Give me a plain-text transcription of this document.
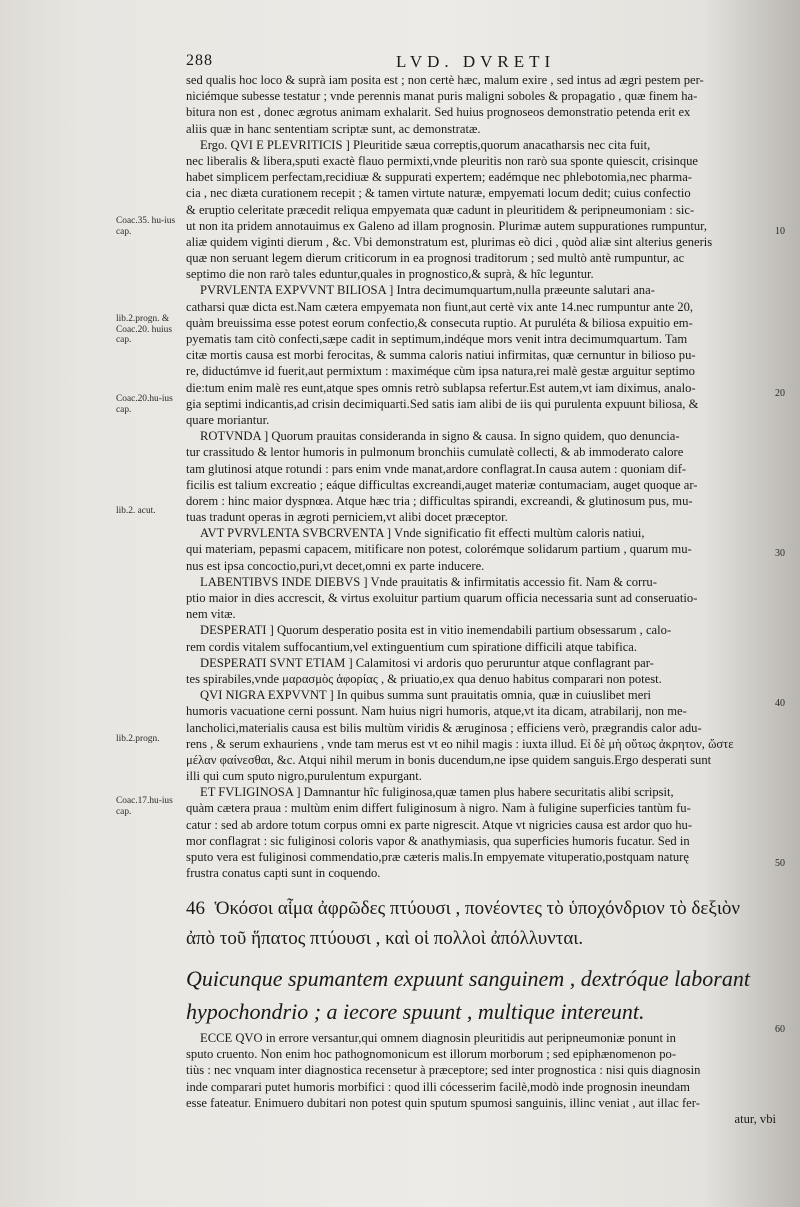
288	LVD. DVRETI

sed qualis hoc loco & suprà iam posita est ; non certè hæc, malum exire , sed intus ad ægri pestem per-

niciémque subesse testatur ; vnde perennis manat puris maligni soboles & propagatio , quæ finem ha-

bitura non est , donec ægrotus animam exhalarit. Sed huius prognoseos demonstratio petenda erit ex

aliis quæ in hanc sententiam scriptæ sunt, ac demonstratæ.

Ergo. QVI E PLEVRITICIS ] Pleuritide sæua correptis,quorum anacatharsis nec cita fuit,

nec liberalis & libera,sputi exactè flauo permixti,vnde pleuritis non rarò sua sponte quiescit, crisinque

habet simplicem perfectam,recidiuæ & suppurati expertem; eadémque nec phlebotomia,nec pharma-

cia , nec diæta curationem recepit ; & tamen virtute naturæ, empyemati locum dedit; cuius confectio

& eruptio celeritate præcedit reliqua empyemata quæ cadunt in pleuritidem & peripneumoniam : sic-

ut non ita pridem annotauimus ex Galeno ad illam prognosin. Plurimæ autem suppurationes rumpuntur,

aliæ quidem viginti dierum , &c. Vbi demonstratum est, plurimas eò dici , quòd aliæ sint alterius generis

quæ non seruant legem dierum criticorum in ea prognosi traditorum ; sed multò antè rumpuntur, ac

septimo die non rarò tales eduntur,quales in prognostico,& suprà, & hîc leguntur.

PVRVLENTA EXPVVNT BILIOSA ] Intra decimumquartum,nulla præeunte salutari ana-

catharsi quæ dicta est.Nam cætera empyemata non fiunt,aut certè vix ante 14.nec rumpuntur ante 20,

quàm breuissima esse potest eorum confectio,& consecuta ruptio. At puruléta & biliosa expuitio em-

pyematis tam citò confecti,sæpe cadit in septimum,indéque mors venit intra decimumquartum. Tam

citæ mortis causa est morbi ferocitas, & summa caloris natiui infirmitas, quæ cernuntur in bilioso pu-

re, diductúmve id fuerit,aut permixtum : maximéque cùm ipsa natura,rei malè gestæ arguitur septimo

die:tum enim malè res eunt,atque spes omnis retrò sublapsa refertur.Est autem,vt iam diximus, analo-

gia septimi indicantis,ad crisin decimiquarti.Sed satis iam alibi de iis qui purulenta expuunt biliosa, &

quare moriantur.

ROTVNDA ] Quorum prauitas consideranda in signo & causa. In signo quidem, quo denuncia-

tur crassitudo & lentor humoris in pulmonum bronchiis cumulatè collecti, & ab immoderato calore

tam glutinosi atque rotundi : pars enim vnde manat,ardore conflagrat.In causa autem : quoniam dif-

ficilis est talium excreatio ; eáque difficultas excreandi,auget materiæ contumaciam, auget quoque ar-

dorem : hinc maior dyspnœa. Atque hæc tria ; difficultas spirandi, excreandi, & glutinosum pus, mu-

tuas tradunt operas in ægroti perniciem,vt alibi docet præceptor.

AVT PVRVLENTA SVBCRVENTA ] Vnde significatio fit effecti multùm caloris natiui,

qui materiam, pepasmi capacem, mitificare non potest, colorémque solidarum partium , quarum mu-

nus est ipsa concoctio,puri,vt decet,omni ex parte inducere.

LABENTIBVS INDE DIEBVS ] Vnde prauitatis & infirmitatis accessio fit. Nam & corru-

ptio maior in dies accrescit, & virtus exoluitur partium quarum officia necessaria sunt ad conseruatio-

nem vitæ.

DESPERATI ] Quorum desperatio posita est in vitio inemendabili partium obsessarum , calo-

rem cordis vitalem suffocantium,vel extinguentium cum spiratione difficili atque tabifica.

DESPERATI SVNT ETIAM ] Calamitosi vi ardoris quo peruruntur atque conflagrant par-

tes spirabiles,vnde μαρασμὸς ἀφορίας , & priuatio,ex qua denuo habitus comparari non potest.

QVI NIGRA EXPVVNT ] In quibus summa sunt prauitatis omnia, quæ in cuiuslibet meri

humoris vacuatione cerni possunt. Nam huius nigri humoris, atque,vt ita dicam, atrabilarij, non me-

lancholici,materialis causa est bilis multùm viridis & æruginosa ; efficiens verò, prægrandis calor adu-

rens , & serum exhauriens , vnde tam merus est vt eo nihil magis : iuxta illud. Εἰ δὲ μὴ οὕτως ἀκρητον, ὥστε

μέλαν φαίνεσθαι, &c. Atqui nihil merum in bonis ducendum,ne ipse quidem sanguis.Ergo desperati sunt

illi qui cum sputo nigro,purulentum expurgant.

ET FVLIGINOSA ] Damnantur hîc fuliginosa,quæ tamen plus habere securitatis alibi scripsit,

quàm cætera praua : multùm enim differt fuliginosum à nigro. Nam à fuligine superficies tantùm fu-

catur : sed ab ardore totum corpus omni ex parte nigrescit. Atque vt nigricies causa est ardor quo hu-

mor conflagrat : sic fuliginosi coloris vapor & anathymiasis, qua superficies humoris fucatur. Sed in

sputo vera est fuliginosi commendatio,præ cæteris malis.In empyemate vituperatio,postquam naturę

frustra conatus capti sunt in coquendo.

Coac.35. hu-ius cap.
lib.2.progn. & Coac.20. huius cap.
Coac.20.hu-ius cap.
lib.2. acut.
lib.2.progn.
Coac.17.hu-ius cap.
10
20
30
40
50
60

46 Ὁκόσοι αἷμα ἀφρῶδες πτύουσι , πονέοντες τὸ ὑποχόνδριον τὸ δεξιὸν

ἀπὸ τοῦ ἥπατος πτύουσι , καὶ οἱ πολλοὶ ἀπόλλυνται.

Quicunque spumantem expuunt sanguinem , dextróque laborant

hypochondrio ; a iecore spuunt , multique intereunt.

ECCE QVO in errore versantur,qui omnem diagnosin pleuritidis aut peripneumoniæ ponunt in

sputo cruento. Non enim hoc pathognomonicum est illorum morborum ; sed epiphænomenon po-

tiùs : nec vnquam inter diagnostica recensetur à præceptore; sed inter prognostica : nisi quis diagnosin

inde comparari putet humoris morbifici : quod illi cócesserim facilè,modò inde prognosin ineundam

esse fateatur. Enimuero dubitari non potest quin sputum spumosi sanguinis, illinc veniat , aut illac fer-

atur, vbi
